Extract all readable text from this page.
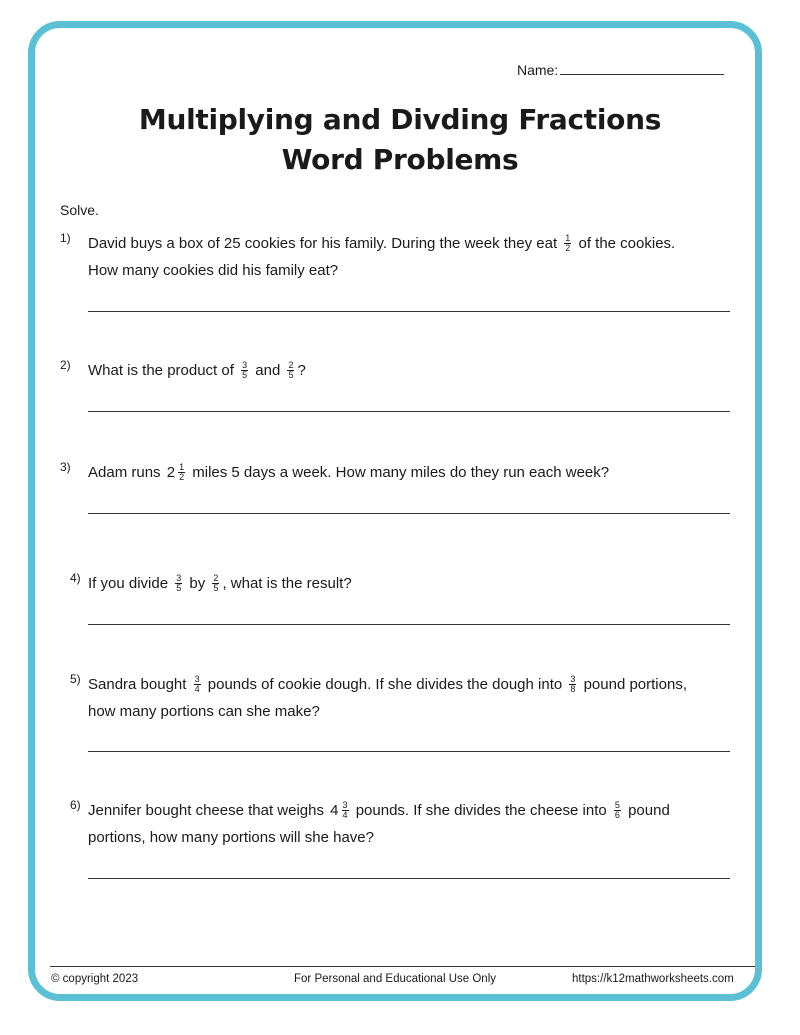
Name:
Multiplying and Divding Fractions
Word Problems
Solve.
1) David buys a box of 25 cookies for his family. During the week they eat $\frac{1}{2}$ of the cookies. How many cookies did his family eat?
2) What is the product of $\frac{3}{5}$ and $\frac{2}{5}$ ?
3) Adam runs $2 \frac{1}{2}$ miles 5 days a week. How many miles do they run each week?
4) If you divide $\frac{3}{5}$ by $\frac{2}{5}$ , what is the result?
5) Sandra bought $\frac{3}{4}$ pounds of cookie dough. If she divides the dough into $\frac{3}{8}$ pound portions, how many portions can she make?
6) Jennifer bought cheese that weighs $4 \frac{3}{4}$ pounds. If she divides the cheese into $\frac{5}{6}$ pound portions, how many portions will she have?
© copyright 2023	For Personal and Educational Use Only	https://k12mathworksheets.com
